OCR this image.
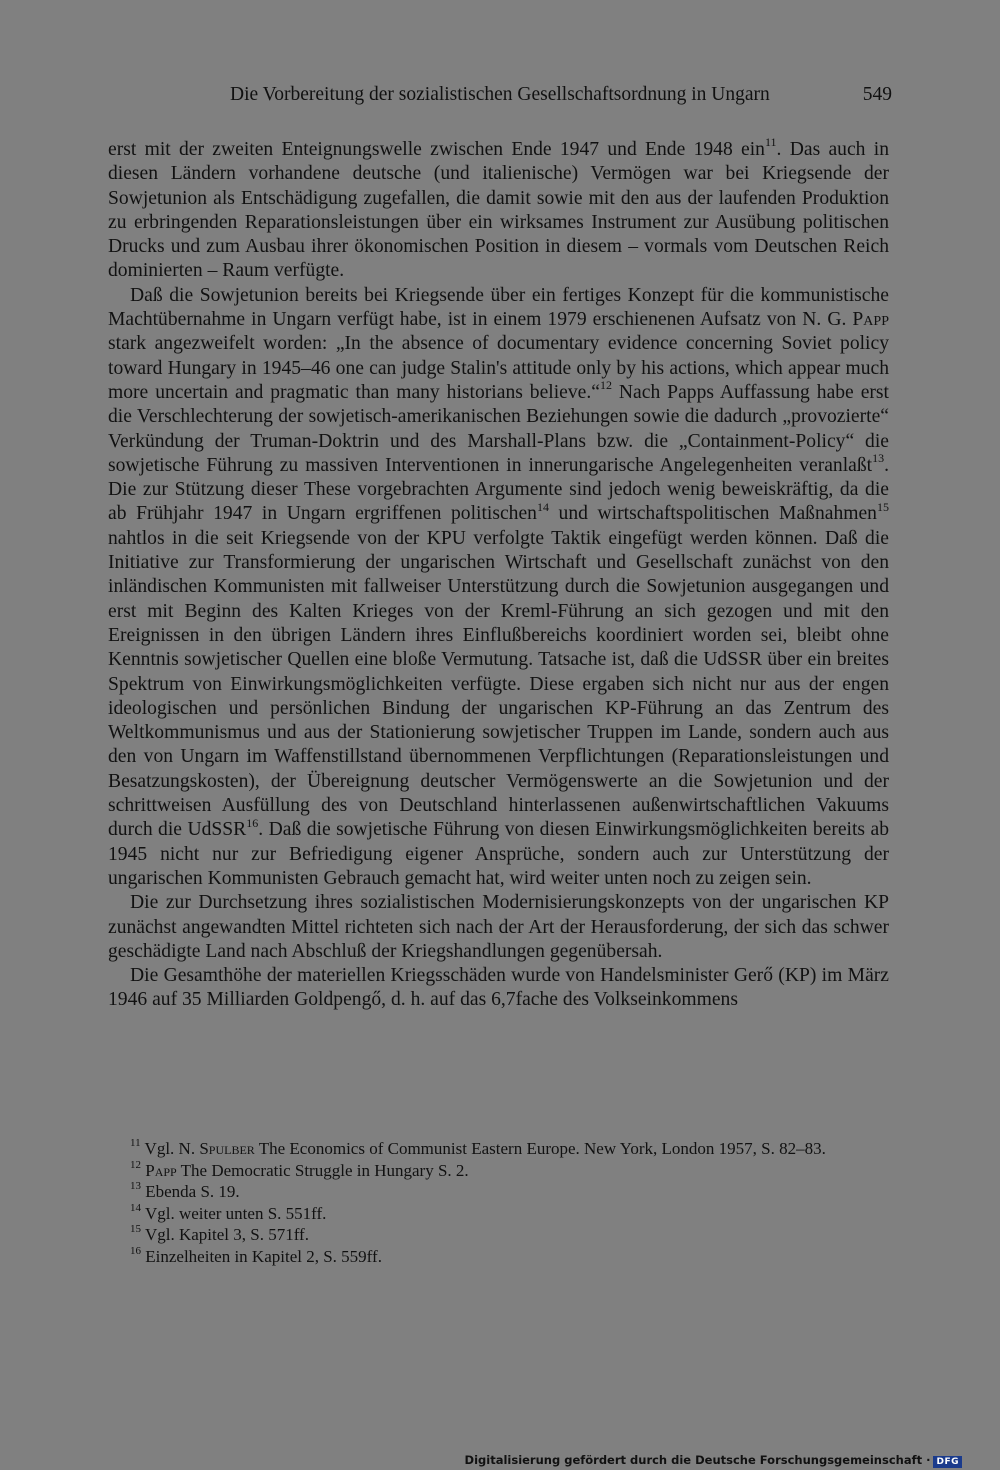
Die Vorbereitung der sozialistischen Gesellschaftsordnung in Ungarn	549

erst mit der zweiten Enteignungswelle zwischen Ende 1947 und Ende 1948 ein$^{11}$. Das auch in diesen Ländern vorhandene deutsche (und italienische) Vermögen war bei Kriegsende der Sowjetunion als Entschädigung zugefallen, die damit sowie mit den aus der laufenden Produktion zu erbringenden Reparationsleistungen über ein wirksames Instrument zur Ausübung politischen Drucks und zum Ausbau ihrer ökonomischen Position in diesem – vormals vom Deutschen Reich dominierten – Raum verfügte.

Daß die Sowjetunion bereits bei Kriegsende über ein fertiges Konzept für die kommunistische Machtübernahme in Ungarn verfügt habe, ist in einem 1979 erschienenen Aufsatz von N. G. Papp stark angezweifelt worden: „In the absence of documentary evidence concerning Soviet policy toward Hungary in 1945–46 one can judge Stalin's attitude only by his actions, which appear much more uncertain and pragmatic than many historians believe.“$^{12}$ Nach Papps Auffassung habe erst die Verschlechterung der sowjetisch-amerikanischen Beziehungen sowie die dadurch „provozierte“ Verkündung der Truman-Doktrin und des Marshall-Plans bzw. die „Containment-Policy“ die sowjetische Führung zu massiven Interventionen in innerungarische Angelegenheiten veranlaßt$^{13}$. Die zur Stützung dieser These vorgebrachten Argumente sind jedoch wenig beweiskräftig, da die ab Frühjahr 1947 in Ungarn ergriffenen politischen$^{14}$ und wirtschaftspolitischen Maßnahmen$^{15}$ nahtlos in die seit Kriegsende von der KPU verfolgte Taktik eingefügt werden können. Daß die Initiative zur Transformierung der ungarischen Wirtschaft und Gesellschaft zunächst von den inländischen Kommunisten mit fallweiser Unterstützung durch die Sowjetunion ausgegangen und erst mit Beginn des Kalten Krieges von der Kreml-Führung an sich gezogen und mit den Ereignissen in den übrigen Ländern ihres Einflußbereichs koordiniert worden sei, bleibt ohne Kenntnis sowjetischer Quellen eine bloße Vermutung. Tatsache ist, daß die UdSSR über ein breites Spektrum von Einwirkungsmöglichkeiten verfügte. Diese ergaben sich nicht nur aus der engen ideologischen und persönlichen Bindung der ungarischen KP-Führung an das Zentrum des Weltkommunismus und aus der Stationierung sowjetischer Truppen im Lande, sondern auch aus den von Ungarn im Waffenstillstand übernommenen Verpflichtungen (Reparationsleistungen und Besatzungskosten), der Übereignung deutscher Vermögenswerte an die Sowjetunion und der schrittweisen Ausfüllung des von Deutschland hinterlassenen außenwirtschaftlichen Vakuums durch die UdSSR$^{16}$. Daß die sowjetische Führung von diesen Einwirkungsmöglichkeiten bereits ab 1945 nicht nur zur Befriedigung eigener Ansprüche, sondern auch zur Unterstützung der ungarischen Kommunisten Gebrauch gemacht hat, wird weiter unten noch zu zeigen sein.

Die zur Durchsetzung ihres sozialistischen Modernisierungskonzepts von der ungarischen KP zunächst angewandten Mittel richteten sich nach der Art der Herausforderung, der sich das schwer geschädigte Land nach Abschluß der Kriegshandlungen gegenübersah.

Die Gesamthöhe der materiellen Kriegsschäden wurde von Handelsminister Gerő (KP) im März 1946 auf 35 Milliarden Goldpengő, d. h. auf das 6,7fache des Volkseinkommens

$^{11}$ Vgl. N. Spulber The Economics of Communist Eastern Europe. New York, London 1957, S. 82–83.

$^{12}$ Papp The Democratic Struggle in Hungary S. 2.

$^{13}$ Ebenda S. 19.

$^{14}$ Vgl. weiter unten S. 551ff.

$^{15}$ Vgl. Kapitel 3, S. 571ff.

$^{16}$ Einzelheiten in Kapitel 2, S. 559ff.

Digitalisierung gefördert durch die Deutsche Forschungsgemeinschaft · DFG
